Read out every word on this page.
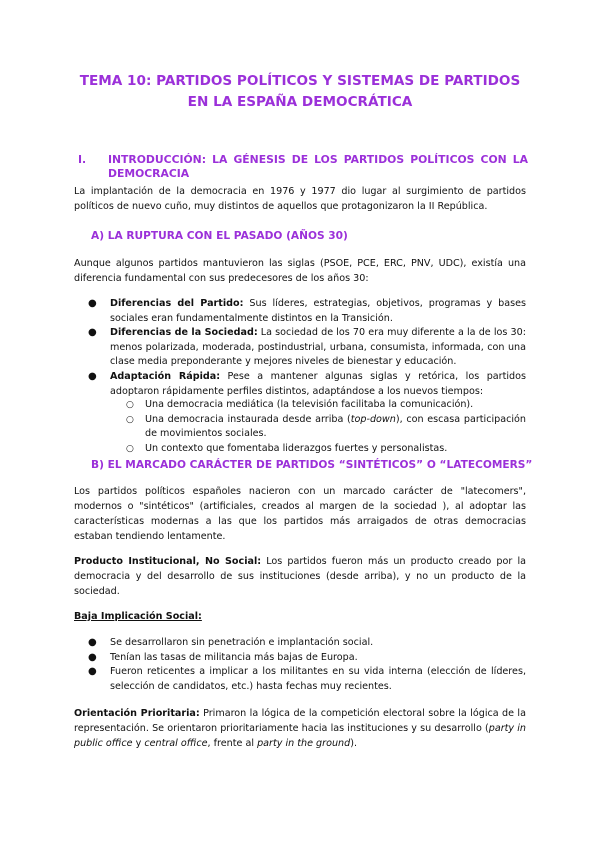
TEMA 10: PARTIDOS POLÍTICOS Y SISTEMAS DE PARTIDOS
EN LA ESPAÑA DEMOCRÁTICA
I. INTRODUCCIÓN: LA GÉNESIS DE LOS PARTIDOS POLÍTICOS CON LA
DEMOCRACIA
La implantación de la democracia en 1976 y 1977 dio lugar al surgimiento de partidos políticos de nuevo cuño, muy distintos de aquellos que protagonizaron la II República.
A) LA RUPTURA CON EL PASADO (AÑOS 30)
Aunque algunos partidos mantuvieron las siglas (PSOE, PCE, ERC, PNV, UDC), existía una diferencia fundamental con sus predecesores de los años 30:
● Diferencias del Partido: Sus líderes, estrategias, objetivos, programas y bases sociales eran fundamentalmente distintos en la Transición.
● Diferencias de la Sociedad: La sociedad de los 70 era muy diferente a la de los 30: menos polarizada, moderada, postindustrial, urbana, consumista, informada, con una clase media preponderante y mejores niveles de bienestar y educación.
● Adaptación Rápida: Pese a mantener algunas siglas y retórica, los partidos adoptaron rápidamente perfiles distintos, adaptándose a los nuevos tiempos:
○ Una democracia mediática (la televisión facilitaba la comunicación).
○ Una democracia instaurada desde arriba (top-down), con escasa participación de movimientos sociales.
○ Un contexto que fomentaba liderazgos fuertes y personalistas.
B) EL MARCADO CARÁCTER DE PARTIDOS “SINTÉTICOS” O “LATECOMERS”
Los partidos políticos españoles nacieron con un marcado carácter de "latecomers", modernos o "sintéticos" (artificiales, creados al margen de la sociedad ), al adoptar las características modernas a las que los partidos más arraigados de otras democracias estaban tendiendo lentamente.
Producto Institucional, No Social: Los partidos fueron más un producto creado por la democracia y del desarrollo de sus instituciones (desde arriba), y no un producto de la sociedad.
Baja Implicación Social:
● Se desarrollaron sin penetración e implantación social.
● Tenían las tasas de militancia más bajas de Europa.
● Fueron reticentes a implicar a los militantes en su vida interna (elección de líderes, selección de candidatos, etc.) hasta fechas muy recientes.
Orientación Prioritaria: Primaron la lógica de la competición electoral sobre la lógica de la representación. Se orientaron prioritariamente hacia las instituciones y su desarrollo (party in public office y central office, frente al party in the ground).
